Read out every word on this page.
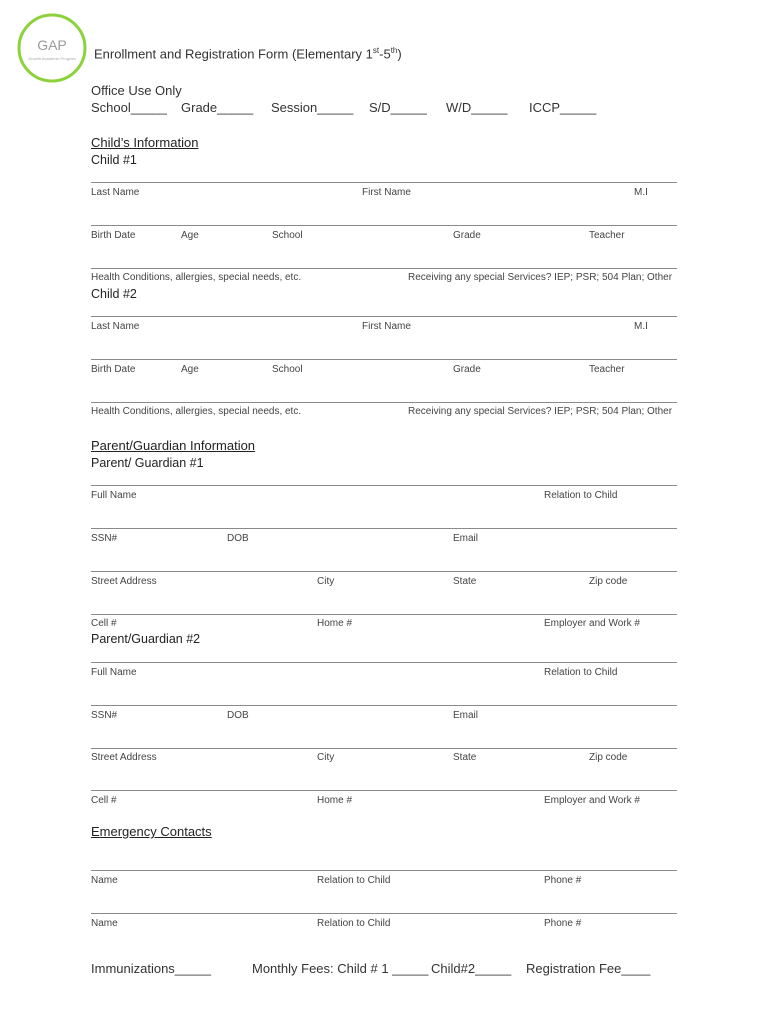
GAP
Growth Academic Program Enrollment and Registration Form (Elementary 1st-5th)
Office Use Only
School_____ Grade_____ Session_____ S/D_____ W/D_____ ICCP_____
Child’s Information
Child #1
Last Name	First Name	M.I
Birth Date	Age	School	Grade	Teacher
Health Conditions, allergies, special needs, etc.	Receiving any special Services? IEP; PSR; 504 Plan; Other
Child #2
Last Name	First Name	M.I
Birth Date	Age	School	Grade	Teacher
Health Conditions, allergies, special needs, etc.	Receiving any special Services? IEP; PSR; 504 Plan; Other
Parent/Guardian Information
Parent/ Guardian #1
Full Name	Relation to Child
SSN#	DOB	Email
Street Address	City	State	Zip code
Cell #	Home #	Employer and Work #
Parent/Guardian #2
Full Name	Relation to Child
SSN#	DOB	Email
Street Address	City	State	Zip code
Cell #	Home #	Employer and Work #
Emergency Contacts
Name	Relation to Child	Phone #
Name	Relation to Child	Phone #
Immunizations_____	Monthly Fees: Child # 1 _____ Child#2_____ Registration Fee____
